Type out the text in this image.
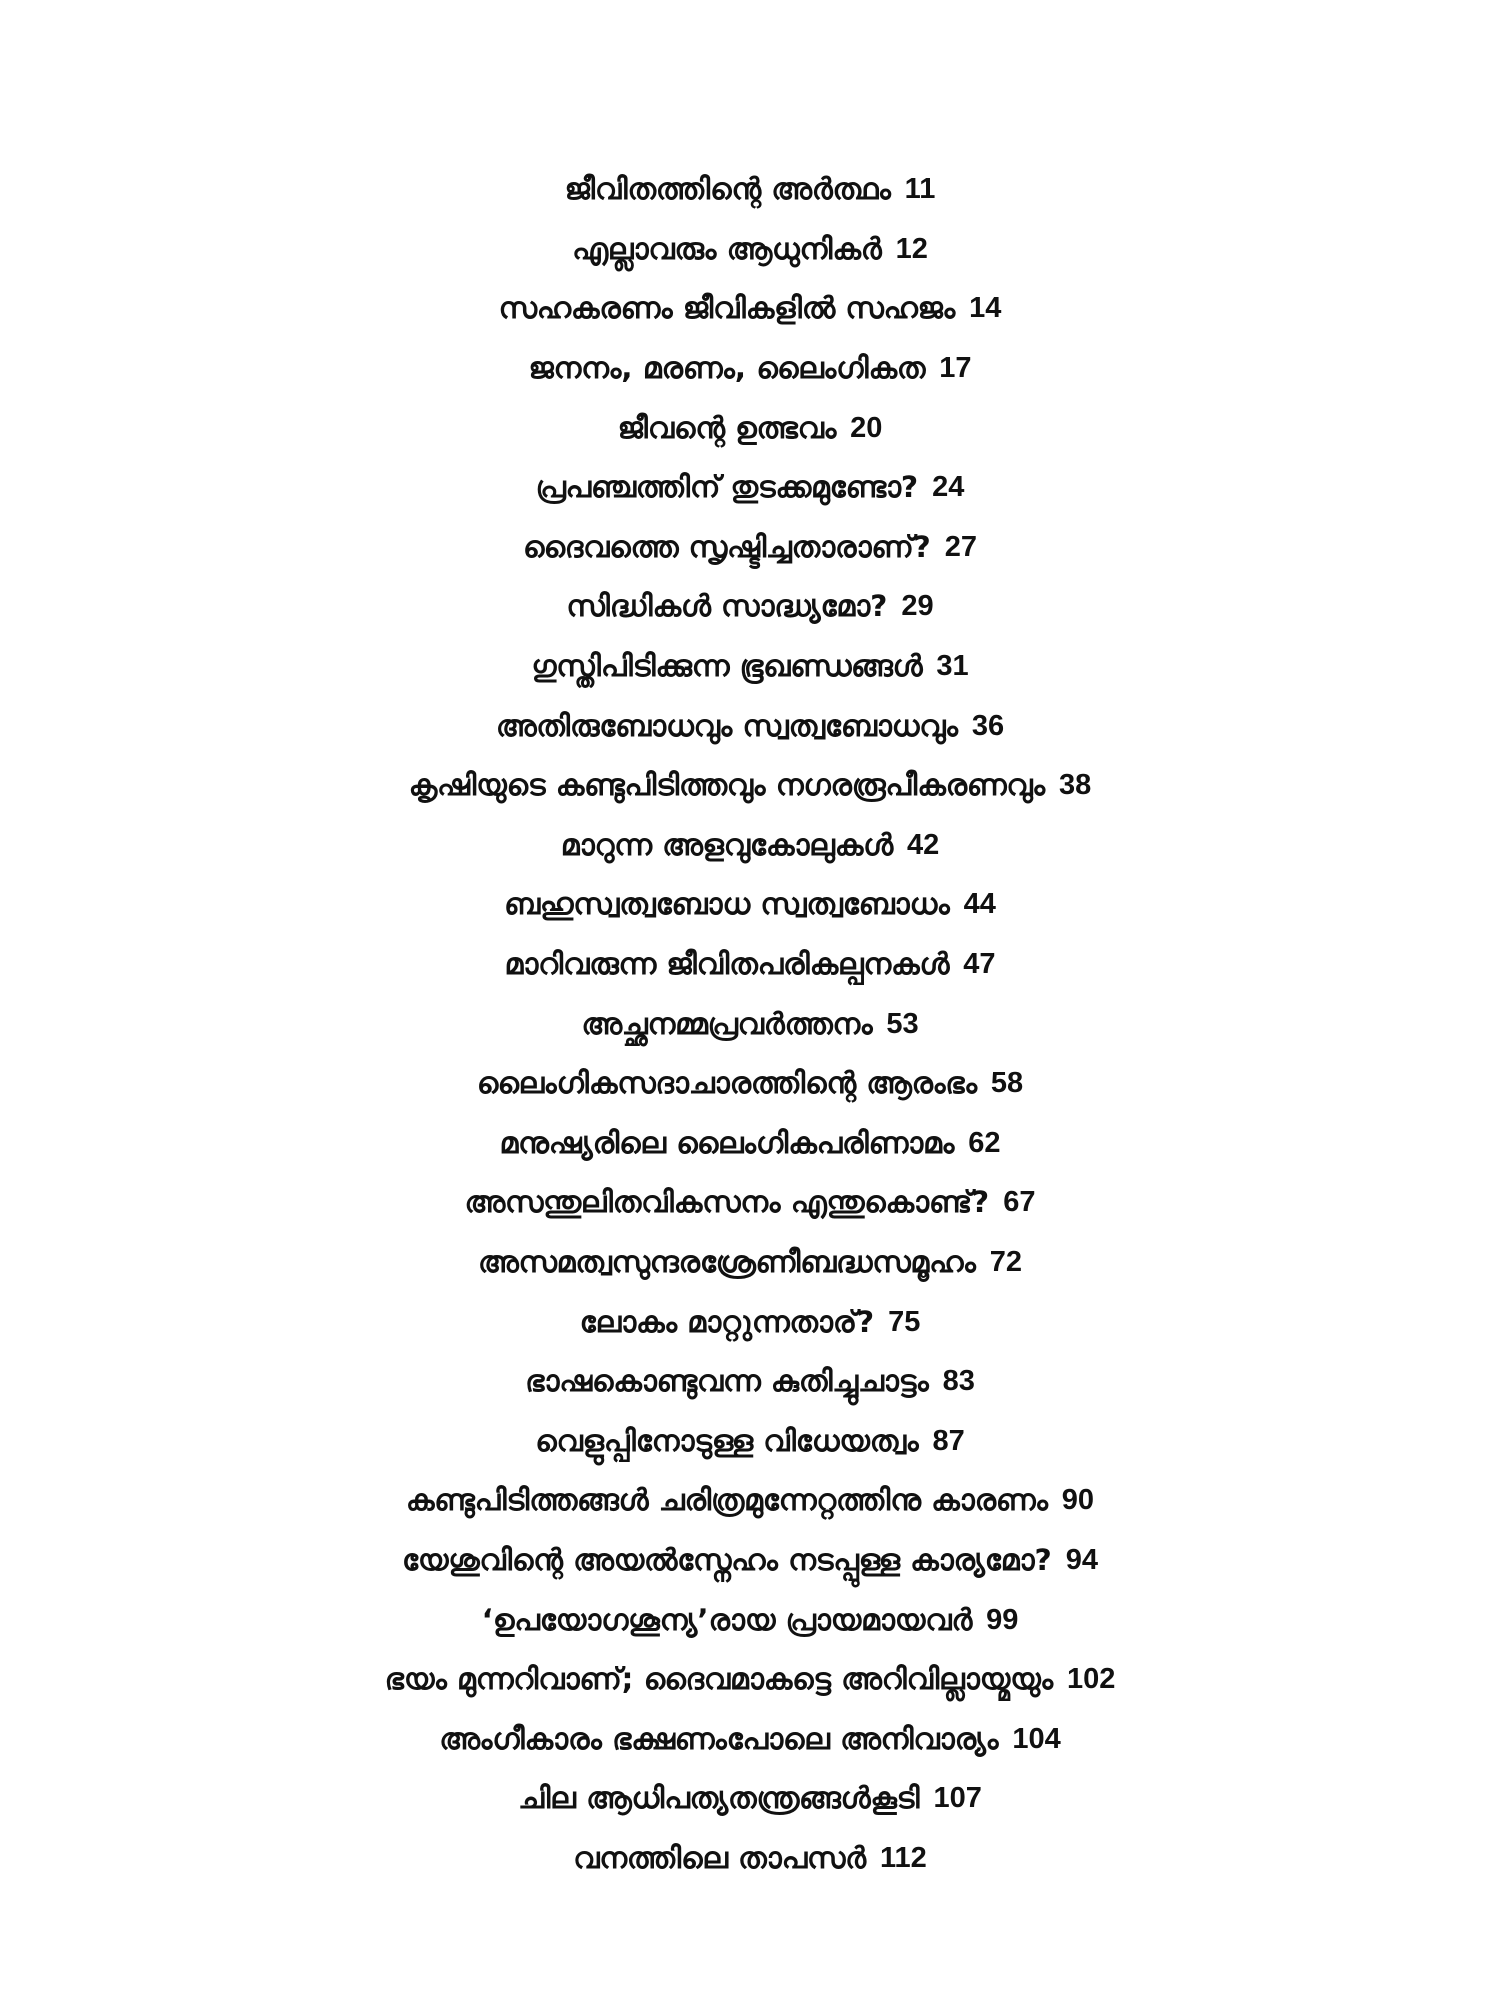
ജീവിതത്തിന്റെ അർത്ഥം 11
എല്ലാവരും ആധുനികർ 12
സഹകരണം ജീവികളിൽ സഹജം 14
ജനനം, മരണം, ലൈംഗികത 17
ജീവന്റെ ഉത്ഭവം 20
പ്രപഞ്ചത്തിന് തുടക്കമുണ്ടോ? 24
ദൈവത്തെ സൃഷ്ടിച്ചതാരാണ്? 27
സിദ്ധികൾ സാദ്ധ്യമോ? 29
ഗുസ്തിപിടിക്കുന്ന ഭൂഖണ്ഡങ്ങൾ 31
അതിരുബോധവും സ്വത്വബോധവും 36
കൃഷിയുടെ കണ്ടുപിടിത്തവും നഗരരൂപീകരണവും 38
മാറുന്ന അളവുകോലുകൾ 42
ബഹുസ്വത്വബോധ സ്വത്വബോധം 44
മാറിവരുന്ന ജീവിതപരികല്പനകൾ 47
അച്ഛനമ്മപ്രവർത്തനം 53
ലൈംഗികസദാചാരത്തിന്റെ ആരംഭം 58
മനുഷ്യരിലെ ലൈംഗികപരിണാമം 62
അസന്തുലിതവികസനം എന്തുകൊണ്ട്? 67
അസമത്വസുന്ദരശ്രേണീബദ്ധസമൂഹം 72
ലോകം മാറ്റുന്നതാര്? 75
ഭാഷകൊണ്ടുവന്ന കുതിച്ചുചാട്ടം 83
വെളുപ്പിനോടുള്ള വിധേയത്വം 87
കണ്ടുപിടിത്തങ്ങൾ ചരിത്രമുന്നേറ്റത്തിനു കാരണം 90
യേശുവിന്റെ അയൽസ്നേഹം നടപ്പുള്ള കാര്യമോ? 94
‘ഉപയോഗശൂന്യ’രായ പ്രായമായവർ 99
ഭയം മുന്നറിവാണ്; ദൈവമാകട്ടെ അറിവില്ലായ്മയും 102
അംഗീകാരം ഭക്ഷണംപോലെ അനിവാര്യം 104
ചില ആധിപത്യതന്ത്രങ്ങൾകൂടി 107
വനത്തിലെ താപസർ 112
